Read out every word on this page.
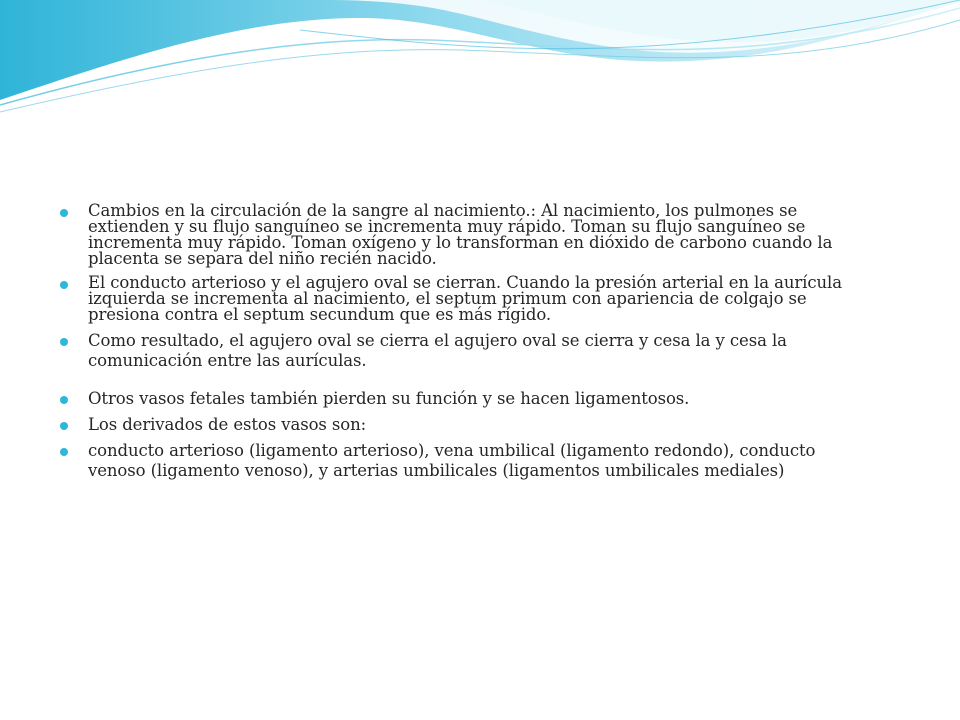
Cambios en la circulación de la sangre al nacimiento.: Al nacimiento, los pulmones se extienden y su flujo sanguíneo se incrementa muy rápido. Toman su flujo sanguíneo se incrementa muy rápido. Toman oxígeno y lo transforman en dióxido de carbono cuando la placenta se separa del niño recién nacido.
El conducto arterioso y el agujero oval se cierran. Cuando la presión arterial en la aurícula izquierda se incrementa al nacimiento, el septum primum con apariencia de colgajo se presiona contra el septum secundum que es más rígido.
Como resultado, el agujero oval se cierra el agujero oval se cierra y cesa la y cesa la comunicación entre las aurículas.
Otros vasos fetales también pierden su función y se hacen ligamentosos.
Los derivados de estos vasos son:
conducto arterioso (ligamento arterioso), vena umbilical (ligamento redondo), conducto venoso (ligamento venoso), y arterias umbilicales (ligamentos umbilicales mediales)
